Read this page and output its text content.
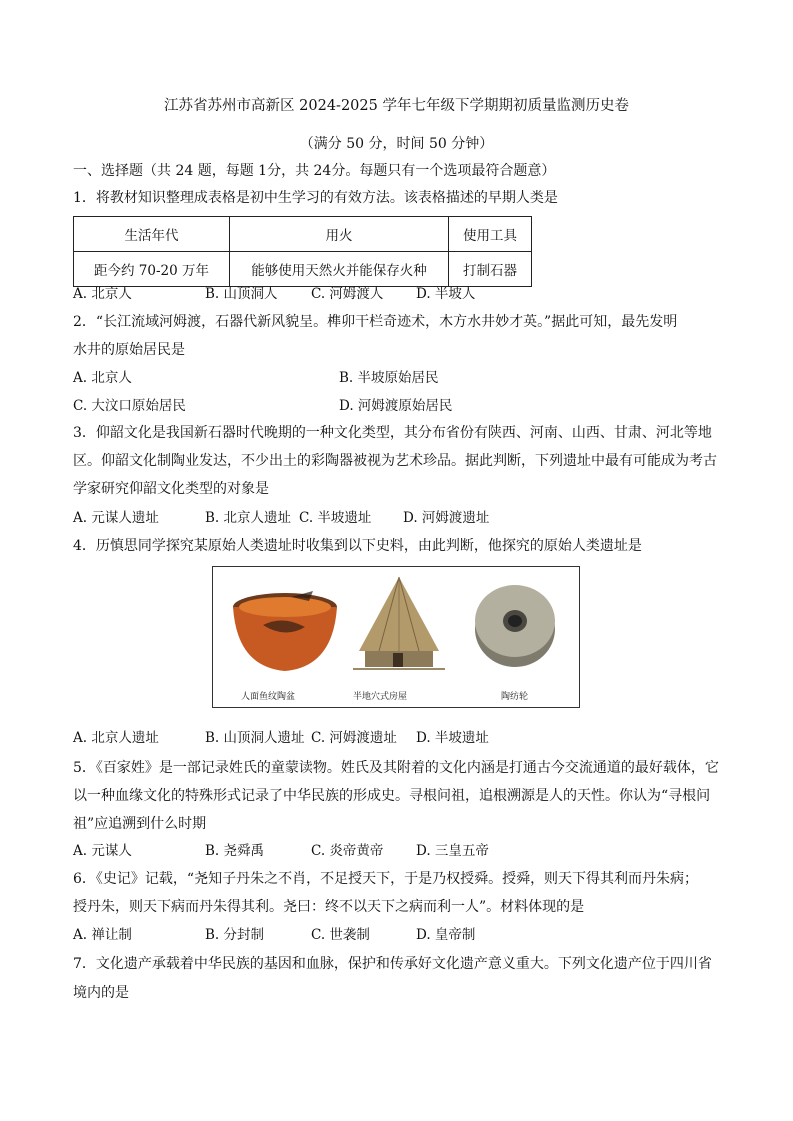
江苏省苏州市高新区 2024-2025 学年七年级下学期期初质量监测历史卷
（满分 50 分，时间 50 分钟）
一、选择题（共 24 题，每题 1分，共 24分。每题只有一个选项最符合题意）
1．将教材知识整理成表格是初中生学习的有效方法。该表格描述的早期人类是
生活年代	用火	使用工具
距今约 70-20 万年	能够使用天然火并能保存火种	打制石器
A. 北京人	B. 山顶洞人 C. 河姆渡人 D. 半坡人
2．“长江流域河姆渡，石器代新风貌呈。榫卯干栏奇迹术，木方水井妙才英。”据此可知，最先发明
水井的原始居民是
A. 北京人	B. 半坡原始居民
C. 大汶口原始居民	D. 河姆渡原始居民
3．仰韶文化是我国新石器时代晚期的一种文化类型，其分布省份有陕西、河南、山西、甘肃、河北等地
区。仰韶文化制陶业发达，不少出土的彩陶器被视为艺术珍品。据此判断，下列遗址中最有可能成为考古
学家研究仰韶文化类型的对象是
A. 元谋人遗址	B. 北京人遗址 C. 半坡遗址 D. 河姆渡遗址
4．历慎思同学探究某原始人类遗址时收集到以下史料，由此判断，他探究的原始人类遗址是
人面鱼纹陶盆	半地穴式房屋	陶纺轮
A. 北京人遗址	B. 山顶洞人遗址 C. 河姆渡遗址 D. 半坡遗址
5．《百家姓》是一部记录姓氏的童蒙读物。姓氏及其附着的文化内涵是打通古今交流通道的最好载体，它
以一种血缘文化的特殊形式记录了中华民族的形成史。寻根问祖，追根溯源是人的天性。你认为“寻根问
祖”应追溯到什么时期
A. 元谋人	B. 尧舜禹	C. 炎帝黄帝 D. 三皇五帝
6．《史记》记载，“尧知子丹朱之不肖，不足授天下，于是乃权授舜。授舜，则天下得其利而丹朱病；
授丹朱，则天下病而丹朱得其利。尧曰：终不以天下之病而利一人”。材料体现的是
A. 禅让制	B. 分封制	C. 世袭制	D. 皇帝制
7．文化遗产承载着中华民族的基因和血脉，保护和传承好文化遗产意义重大。下列文化遗产位于四川省
境内的是
